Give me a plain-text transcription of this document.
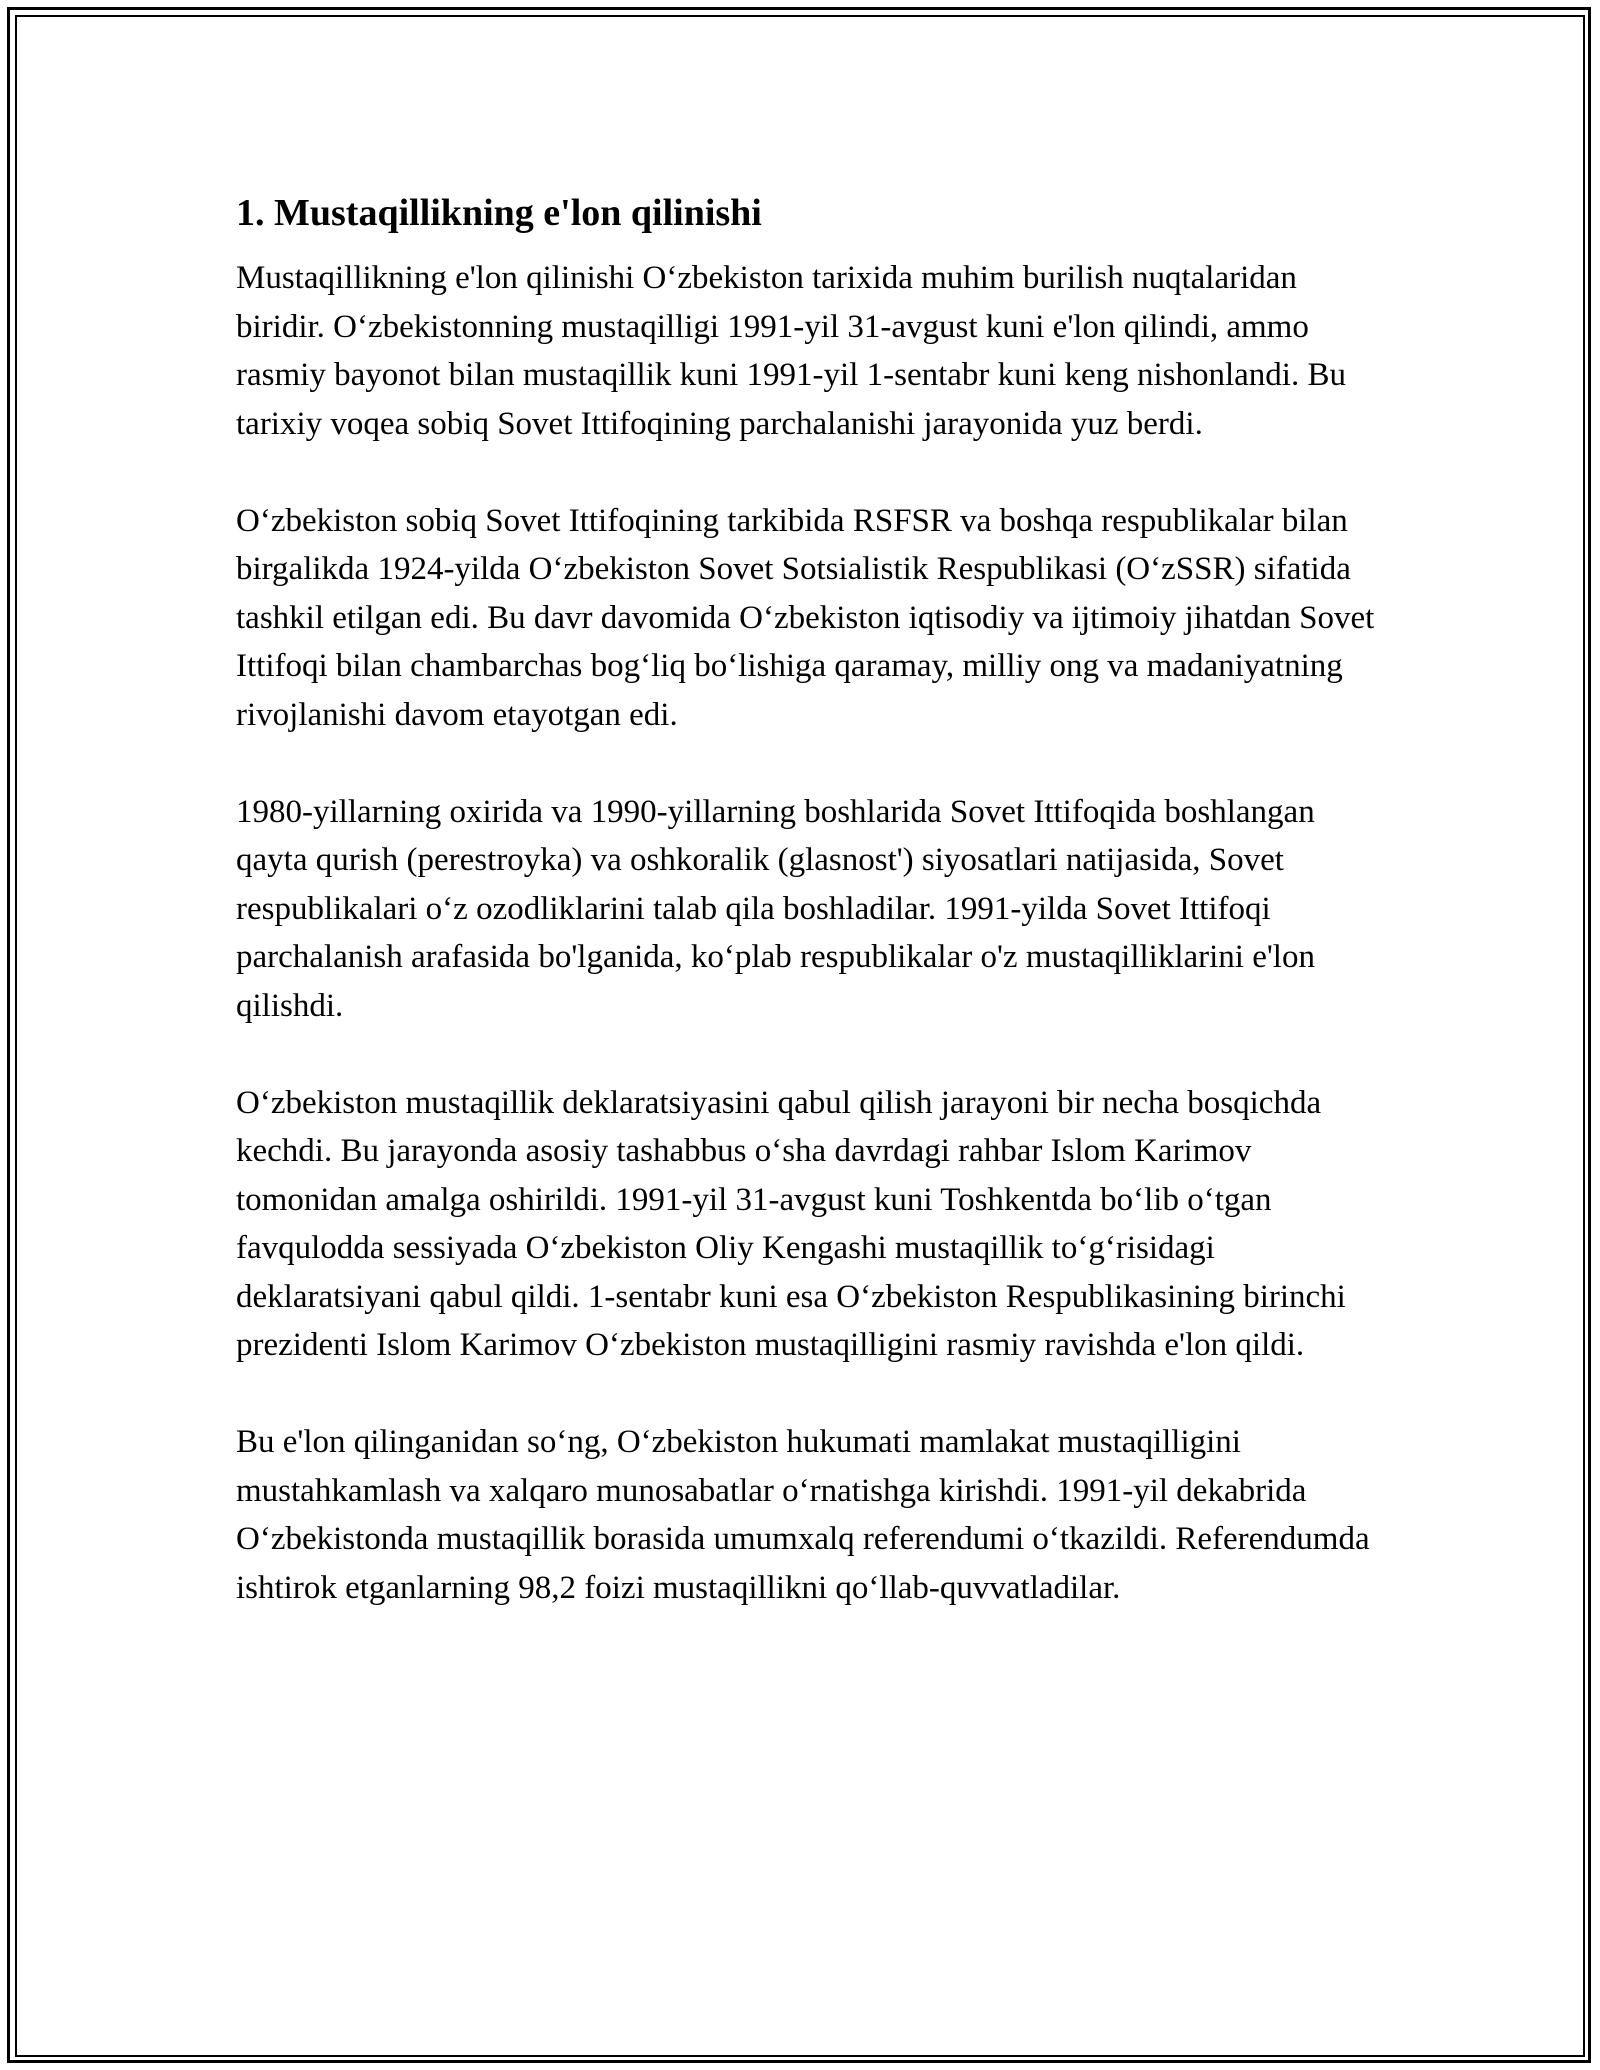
1. Mustaqillikning e'lon qilinishi

Mustaqillikning e'lon qilinishi Oʻzbekiston tarixida muhim burilish nuqtalaridan biridir. Oʻzbekistonning mustaqilligi 1991-yil 31-avgust kuni e'lon qilindi, ammo rasmiy bayonot bilan mustaqillik kuni 1991-yil 1-sentabr kuni keng nishonlandi. Bu tarixiy voqea sobiq Sovet Ittifoqining parchalanishi jarayonida yuz berdi.

Oʻzbekiston sobiq Sovet Ittifoqining tarkibida RSFSR va boshqa respublikalar bilan birgalikda 1924-yilda Oʻzbekiston Sovet Sotsialistik Respublikasi (OʻzSSR) sifatida tashkil etilgan edi. Bu davr davomida Oʻzbekiston iqtisodiy va ijtimoiy jihatdan Sovet Ittifoqi bilan chambarchas bogʻliq boʻlishiga qaramay, milliy ong va madaniyatning rivojlanishi davom etayotgan edi.

1980-yillarning oxirida va 1990-yillarning boshlarida Sovet Ittifoqida boshlangan qayta qurish (perestroyka) va oshkoralik (glasnost') siyosatlari natijasida, Sovet respublikalari oʻz ozodliklarini talab qila boshladilar. 1991-yilda Sovet Ittifoqi parchalanish arafasida bo'lganida, koʻplab respublikalar o'z mustaqilliklarini e'lon qilishdi.

Oʻzbekiston mustaqillik deklaratsiyasini qabul qilish jarayoni bir necha bosqichda kechdi. Bu jarayonda asosiy tashabbus oʻsha davrdagi rahbar Islom Karimov tomonidan amalga oshirildi. 1991-yil 31-avgust kuni Toshkentda boʻlib oʻtgan favqulodda sessiyada Oʻzbekiston Oliy Kengashi mustaqillik toʻgʻrisidagi deklaratsiyani qabul qildi. 1-sentabr kuni esa Oʻzbekiston Respublikasining birinchi prezidenti Islom Karimov Oʻzbekiston mustaqilligini rasmiy ravishda e'lon qildi.

Bu e'lon qilinganidan soʻng, Oʻzbekiston hukumati mamlakat mustaqilligini mustahkamlash va xalqaro munosabatlar oʻrnatishga kirishdi. 1991-yil dekabrida Oʻzbekistonda mustaqillik borasida umumxalq referendumi oʻtkazildi. Referendumda ishtirok etganlarning 98,2 foizi mustaqillikni qoʻllab-quvvatladilar.
